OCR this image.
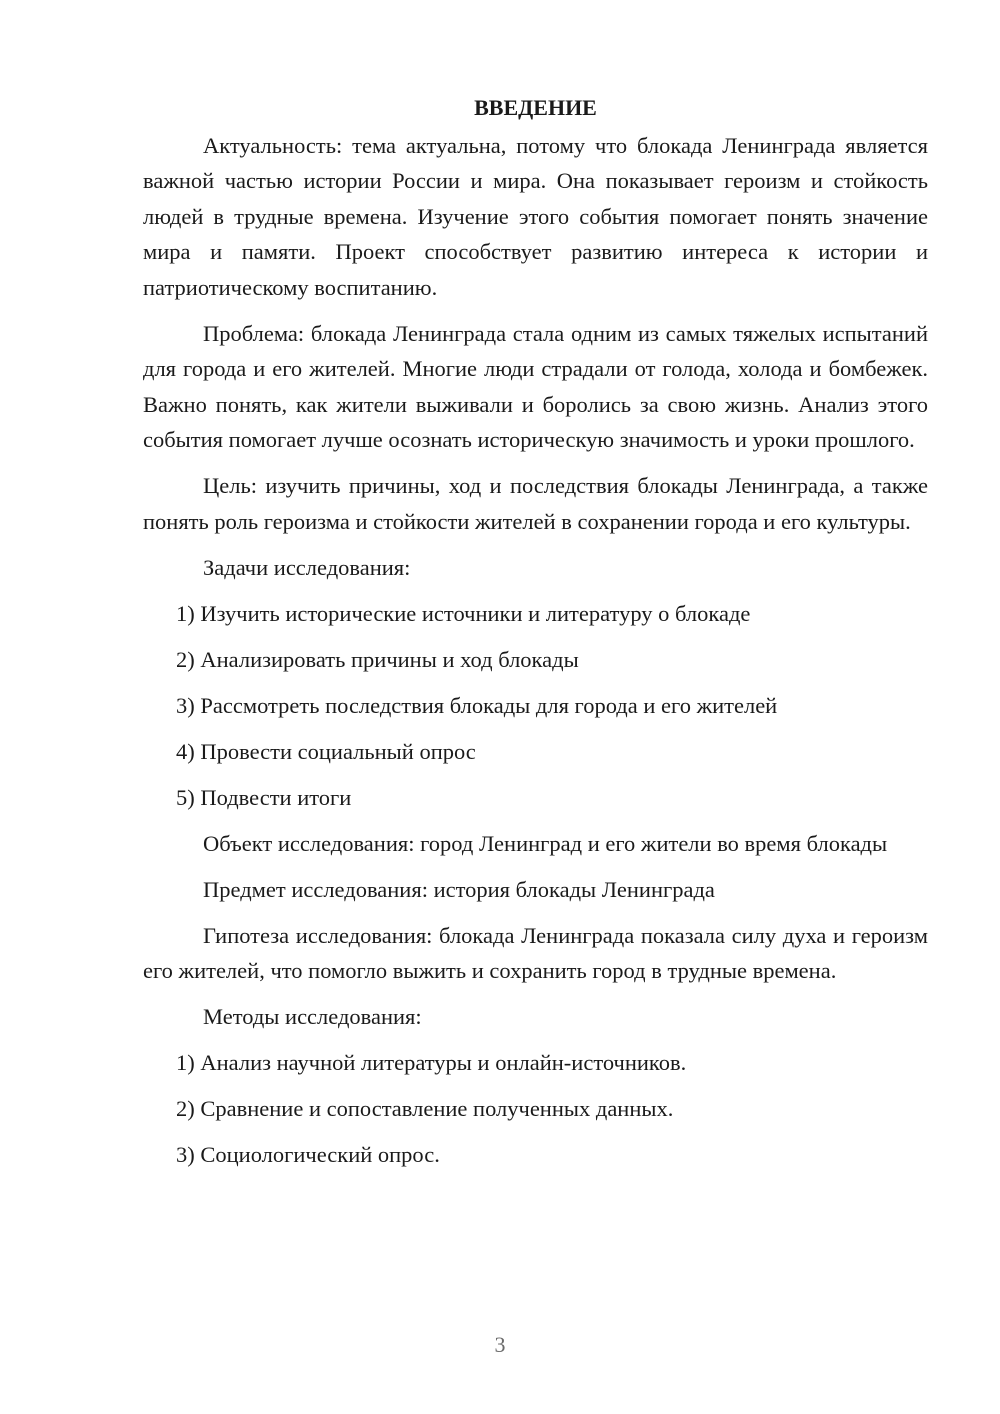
ВВЕДЕНИЕ

Актуальность: тема актуальна, потому что блокада Ленинграда является важной частью истории России и мира. Она показывает героизм и стойкость людей в трудные времена. Изучение этого события помогает понять значение мира и памяти. Проект способствует развитию интереса к истории и патриотическому воспитанию.

Проблема: блокада Ленинграда стала одним из самых тяжелых испытаний для города и его жителей. Многие люди страдали от голода, холода и бомбежек. Важно понять, как жители выживали и боролись за свою жизнь. Анализ этого события помогает лучше осознать историческую значимость и уроки прошлого.

Цель: изучить причины, ход и последствия блокады Ленинграда, а также понять роль героизма и стойкости жителей в сохранении города и его культуры.

Задачи исследования:

1) Изучить исторические источники и литературу о блокаде
2) Анализировать причины и ход блокады
3) Рассмотреть последствия блокады для города и его жителей
4) Провести социальный опрос
5) Подвести итоги

Объект исследования: город Ленинград и его жители во время блокады

Предмет исследования: история блокады Ленинграда

Гипотеза исследования: блокада Ленинграда показала силу духа и героизм его жителей, что помогло выжить и сохранить город в трудные времена.

Методы исследования:

1) Анализ научной литературы и онлайн-источников.
2) Сравнение и сопоставление полученных данных.
3) Социологический опрос.
3
